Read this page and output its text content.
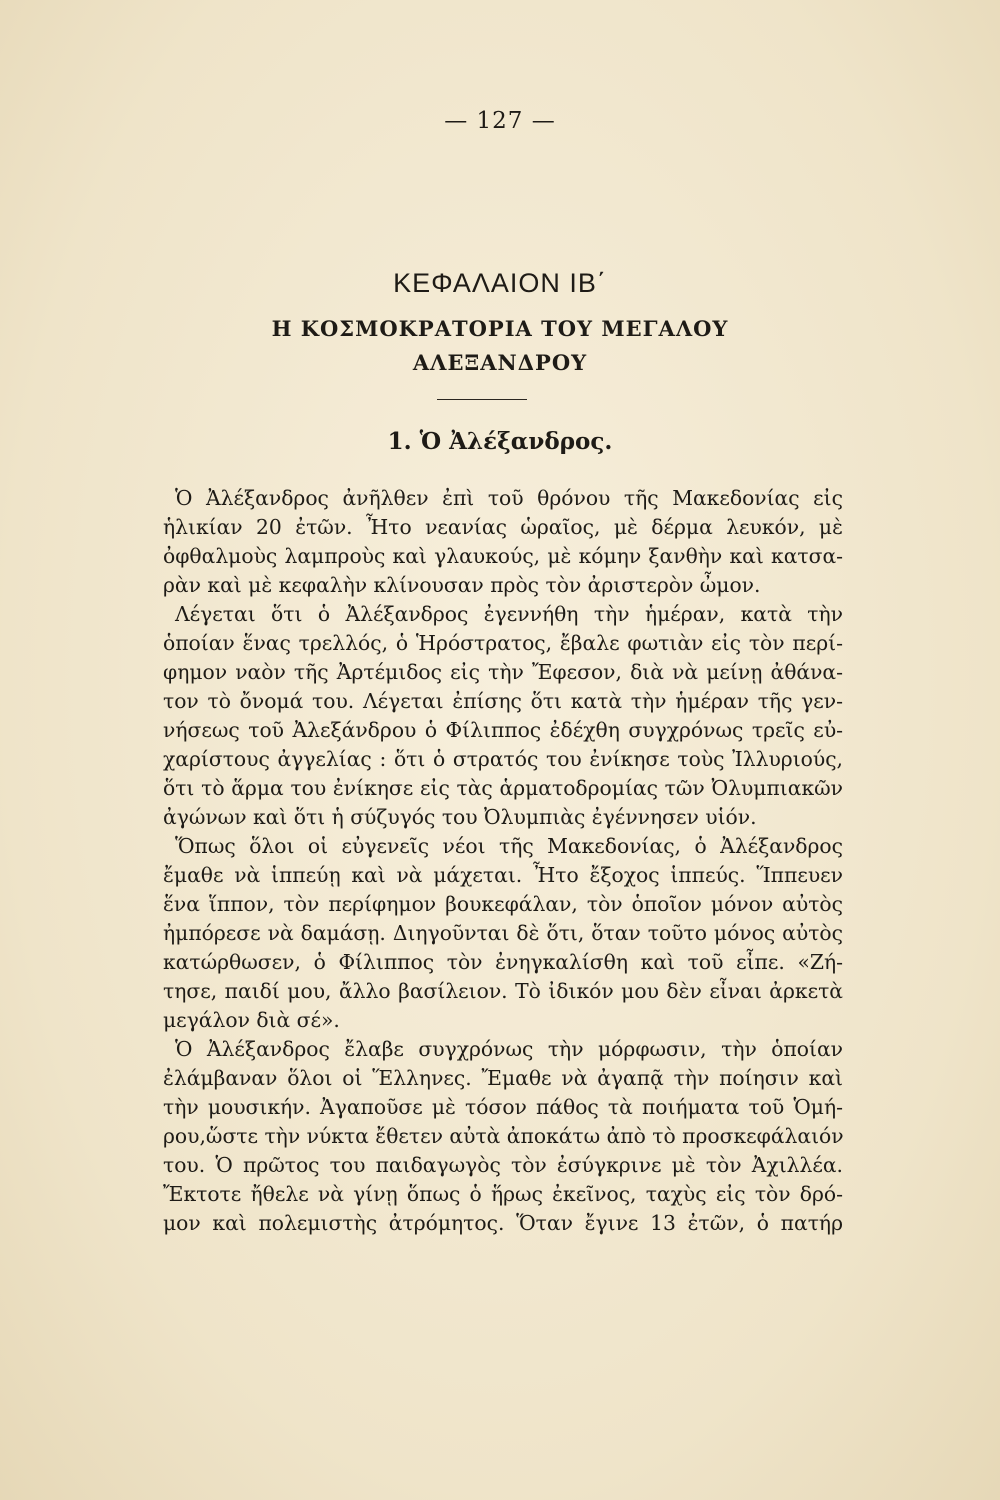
— 127 —
ΚΕΦΑΛΑΙΟΝ ΙΒ΄
Η ΚΟΣΜΟΚΡΑΤΟΡΙΑ ΤΟΥ ΜΕΓΑΛΟΥ
ΑΛΕΞΑΝΔΡΟΥ
1. Ὁ Ἀλέξανδρος.
Ὁ Ἀλέξανδρος ἀνῆλθεν ἐπὶ τοῦ θρόνου τῆς Μακεδονίας εἰς
ἡλικίαν 20 ἐτῶν. Ἦτο νεανίας ὡραῖος, μὲ δέρμα λευκόν, μὲ
ὀφθαλμοὺς λαμπροὺς καὶ γλαυκούς, μὲ κόμην ξανθὴν καὶ κατσα-
ρὰν καὶ μὲ κεφαλὴν κλίνουσαν πρὸς τὸν ἀριστερὸν ὦμον.
Λέγεται ὅτι ὁ Ἀλέξανδρος ἐγεννήθη τὴν ἡμέραν, κατὰ τὴν
ὁποίαν ἕνας τρελλός, ὁ Ἡρόστρατος, ἔβαλε φωτιὰν εἰς τὸν περί-
φημον ναὸν τῆς Ἀρτέμιδος εἰς τὴν Ἔφεσον, διὰ νὰ μείνῃ ἀθάνα-
τον τὸ ὄνομά του. Λέγεται ἐπίσης ὅτι κατὰ τὴν ἡμέραν τῆς γεν-
νήσεως τοῦ Ἀλεξάνδρου ὁ Φίλιππος ἐδέχθη συγχρόνως τρεῖς εὐ-
χαρίστους ἀγγελίας : ὅτι ὁ στρατός του ἐνίκησε τοὺς Ἰλλυριούς,
ὅτι τὸ ἅρμα του ἐνίκησε εἰς τὰς ἁρματοδρομίας τῶν Ὀλυμπιακῶν
ἀγώνων καὶ ὅτι ἡ σύζυγός του Ὀλυμπιὰς ἐγέννησεν υἱόν.
Ὅπως ὅλοι οἱ εὐγενεῖς νέοι τῆς Μακεδονίας, ὁ Ἀλέξανδρος
ἔμαθε νὰ ἱππεύῃ καὶ νὰ μάχεται. Ἦτο ἔξοχος ἱππεύς. Ἵππευεν
ἕνα ἵππον, τὸν περίφημον βουκεφάλαν, τὸν ὁποῖον μόνον αὐτὸς
ἠμπόρεσε νὰ δαμάσῃ. Διηγοῦνται δὲ ὅτι, ὅταν τοῦτο μόνος αὐτὸς
κατώρθωσεν, ὁ Φίλιππος τὸν ἐνηγκαλίσθη καὶ τοῦ εἶπε. «Ζή-
τησε, παιδί μου, ἄλλο βασίλειον. Τὸ ἰδικόν μου δὲν εἶναι ἀρκετὰ
μεγάλον διὰ σέ».
Ὁ Ἀλέξανδρος ἔλαβε συγχρόνως τὴν μόρφωσιν, τὴν ὁποίαν
ἐλάμβαναν ὅλοι οἱ Ἕλληνες. Ἔμαθε νὰ ἀγαπᾷ τὴν ποίησιν καὶ
τὴν μουσικήν. Ἀγαποῦσε μὲ τόσον πάθος τὰ ποιήματα τοῦ Ὁμή-
ρου,ὥστε τὴν νύκτα ἔθετεν αὐτὰ ἀποκάτω ἀπὸ τὸ προσκεφάλαιόν
του. Ὁ πρῶτος του παιδαγωγὸς τὸν ἐσύγκρινε μὲ τὸν Ἀχιλλέα.
Ἔκτοτε ἤθελε νὰ γίνῃ ὅπως ὁ ἥρως ἐκεῖνος, ταχὺς εἰς τὸν δρό-
μον καὶ πολεμιστὴς ἀτρόμητος. Ὅταν ἔγινε 13 ἐτῶν, ὁ πατήρ
